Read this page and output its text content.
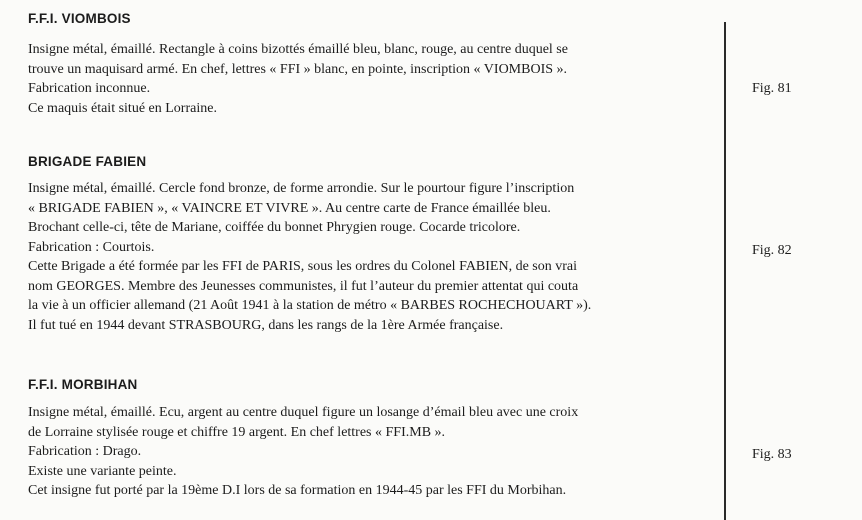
F.F.I. VIOMBOIS
Insigne métal, émaillé. Rectangle à coins bizottés émaillé bleu, blanc, rouge, au centre duquel se
trouve un maquisard armé. En chef, lettres « FFI » blanc, en pointe, inscription « VIOMBOIS ».
Fabrication inconnue.
Ce maquis était situé en Lorraine.
Fig. 81
BRIGADE FABIEN
Insigne métal, émaillé. Cercle fond bronze, de forme arrondie. Sur le pourtour figure l’inscription
« BRIGADE FABIEN », « VAINCRE ET VIVRE ». Au centre carte de France émaillée bleu.
Brochant celle-ci, tête de Mariane, coiffée du bonnet Phrygien rouge. Cocarde tricolore.
Fabrication : Courtois.
Cette Brigade a été formée par les FFI de PARIS, sous les ordres du Colonel FABIEN, de son vrai
nom GEORGES. Membre des Jeunesses communistes, il fut l’auteur du premier attentat qui couta
la vie à un officier allemand (21 Août 1941 à la station de métro « BARBES ROCHECHOUART »).
Il fut tué en 1944 devant STRASBOURG, dans les rangs de la 1ère Armée française.
Fig. 82
F.F.I. MORBIHAN
Insigne métal, émaillé. Ecu, argent au centre duquel figure un losange d’émail bleu avec une croix
de Lorraine stylisée rouge et chiffre 19 argent. En chef lettres « FFI.MB ».
Fabrication : Drago.
Existe une variante peinte.
Cet insigne fut porté par la 19ème D.I lors de sa formation en 1944-45 par les FFI du Morbihan.
Fig. 83
